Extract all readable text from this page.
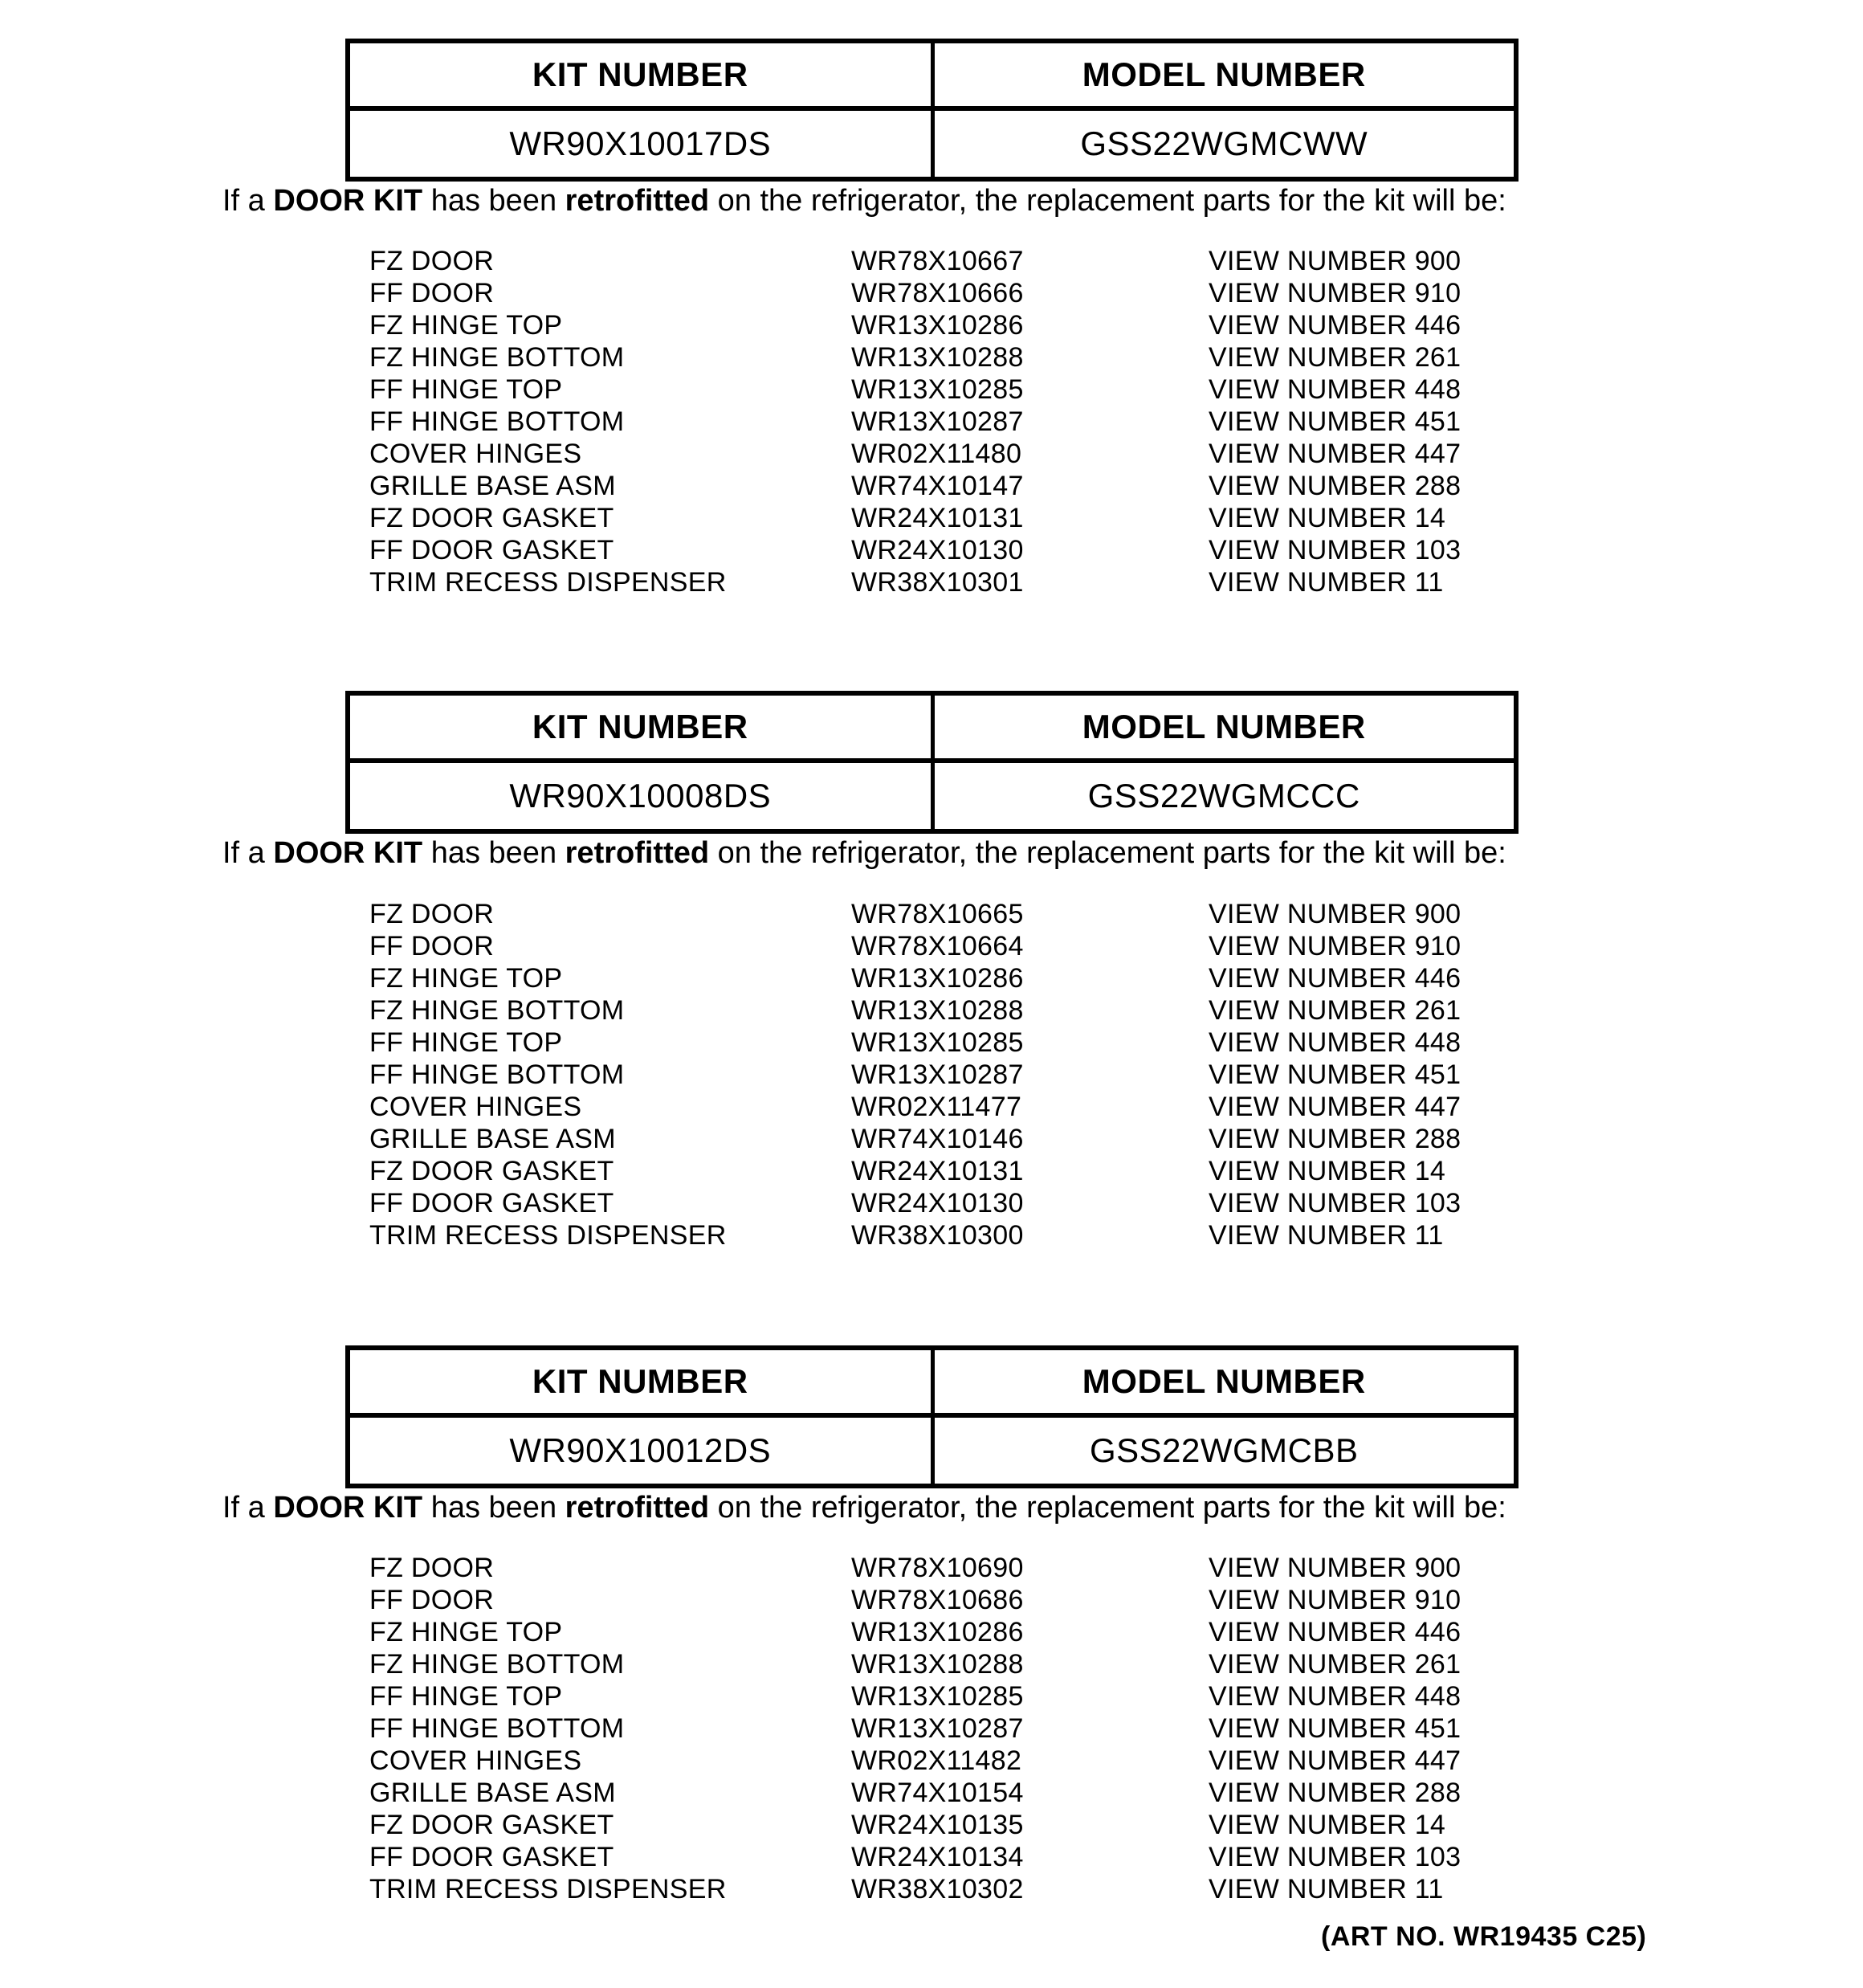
KIT NUMBER	MODEL NUMBER
WR90X10017DS	GSS22WGMCWW
If a DOOR KIT has been retrofitted on the refrigerator, the replacement parts for the kit will be:
FZ DOOR	WR78X10667	VIEW NUMBER 900
FF DOOR	WR78X10666	VIEW NUMBER 910
FZ HINGE TOP	WR13X10286	VIEW NUMBER 446
FZ HINGE BOTTOM	WR13X10288	VIEW NUMBER 261
FF HINGE TOP	WR13X10285	VIEW NUMBER 448
FF HINGE BOTTOM	WR13X10287	VIEW NUMBER 451
COVER HINGES	WR02X11480	VIEW NUMBER 447
GRILLE BASE ASM	WR74X10147	VIEW NUMBER 288
FZ DOOR GASKET	WR24X10131	VIEW NUMBER 14
FF DOOR GASKET	WR24X10130	VIEW NUMBER 103
TRIM RECESS DISPENSER	WR38X10301	VIEW NUMBER 11
KIT NUMBER	MODEL NUMBER
WR90X10008DS	GSS22WGMCCC
If a DOOR KIT has been retrofitted on the refrigerator, the replacement parts for the kit will be:
FZ DOOR	WR78X10665	VIEW NUMBER 900
FF DOOR	WR78X10664	VIEW NUMBER 910
FZ HINGE TOP	WR13X10286	VIEW NUMBER 446
FZ HINGE BOTTOM	WR13X10288	VIEW NUMBER 261
FF HINGE TOP	WR13X10285	VIEW NUMBER 448
FF HINGE BOTTOM	WR13X10287	VIEW NUMBER 451
COVER HINGES	WR02X11477	VIEW NUMBER 447
GRILLE BASE ASM	WR74X10146	VIEW NUMBER 288
FZ DOOR GASKET	WR24X10131	VIEW NUMBER 14
FF DOOR GASKET	WR24X10130	VIEW NUMBER 103
TRIM RECESS DISPENSER	WR38X10300	VIEW NUMBER 11
KIT NUMBER	MODEL NUMBER
WR90X10012DS	GSS22WGMCBB
If a DOOR KIT has been retrofitted on the refrigerator, the replacement parts for the kit will be:
FZ DOOR	WR78X10690	VIEW NUMBER 900
FF DOOR	WR78X10686	VIEW NUMBER 910
FZ HINGE TOP	WR13X10286	VIEW NUMBER 446
FZ HINGE BOTTOM	WR13X10288	VIEW NUMBER 261
FF HINGE TOP	WR13X10285	VIEW NUMBER 448
FF HINGE BOTTOM	WR13X10287	VIEW NUMBER 451
COVER HINGES	WR02X11482	VIEW NUMBER 447
GRILLE BASE ASM	WR74X10154	VIEW NUMBER 288
FZ DOOR GASKET	WR24X10135	VIEW NUMBER 14
FF DOOR GASKET	WR24X10134	VIEW NUMBER 103
TRIM RECESS DISPENSER	WR38X10302	VIEW NUMBER 11
(ART NO. WR19435 C25)
